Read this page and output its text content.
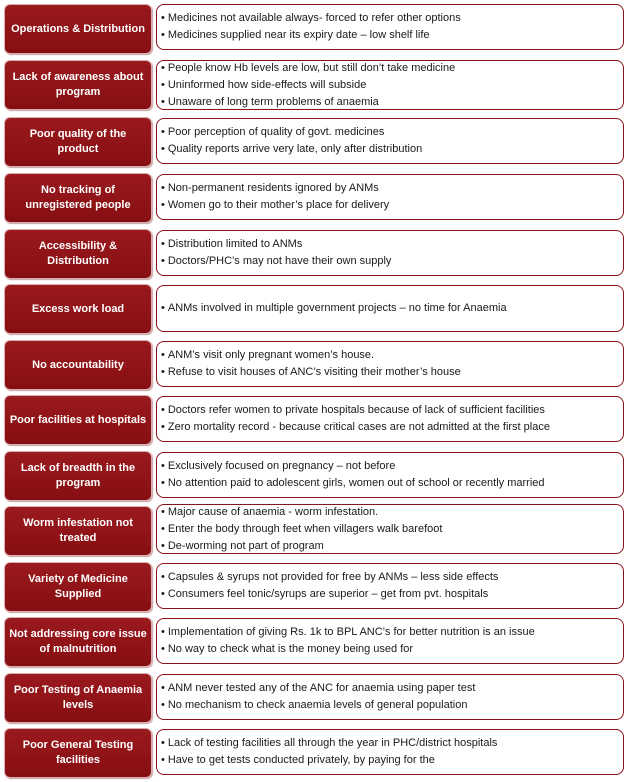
Operations & Distribution
• Medicines not available always- forced to refer other options
• Medicines supplied near its expiry date – low shelf life
Lack of awareness about program
• People know Hb levels are low, but still don’t take medicine
• Uninformed how side-effects will subside
• Unaware of long term problems of anaemia
Poor quality of the product
• Poor perception of quality of govt. medicines
• Quality reports arrive very late, only after distribution
No tracking of unregistered people
• Non-permanent residents ignored by ANMs
• Women go to their mother’s place for delivery
Accessibility & Distribution
• Distribution limited to ANMs
• Doctors/PHC’s may not have their own supply
Excess work load
•	ANMs involved in multiple government projects – no time for Anaemia
No accountability
• ANM’s visit only pregnant women’s house.
• Refuse to visit houses of ANC’s visiting their mother’s house
Poor facilities at hospitals
• Doctors refer women to private hospitals because of lack of sufficient facilities
• Zero mortality record - because critical cases are not admitted at the first place
Lack of breadth in the program
• Exclusively focused on pregnancy – not before
• No attention paid to adolescent girls, women out of school or recently married
Worm infestation not treated
• Major cause of anaemia - worm infestation.
• Enter the body through feet when villagers walk barefoot
• De-worming not part of program
Variety of Medicine Supplied
• Capsules & syrups not provided for free by ANMs – less side effects
• Consumers feel tonic/syrups are superior – get from pvt. hospitals
Not addressing core issue of malnutrition
• Implementation of giving Rs. 1k to BPL ANC’s for better nutrition is an issue
• No way to check what is the money being used for
Poor Testing of Anaemia levels
• ANM never tested any of the ANC for anaemia using paper test
• No mechanism to check anaemia levels of general population
Poor General Testing facilities
• Lack of testing facilities all through the year in PHC/district hospitals
• Have to get tests conducted privately, by paying for the
